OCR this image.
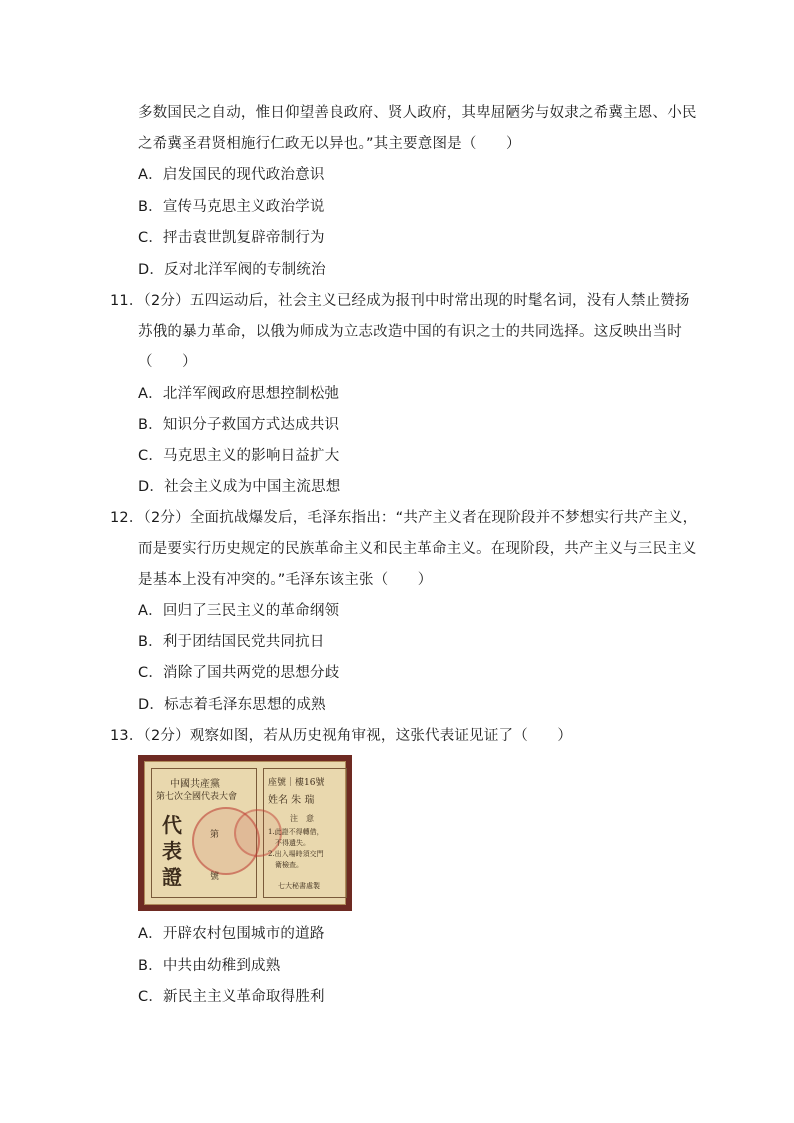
多数国民之自动，惟日仰望善良政府、贤人政府，其卑屈陋劣与奴隶之希冀主恩、小民
之希冀圣君贤相施行仁政无以异也。”其主要意图是（　　）
A．启发国民的现代政治意识
B．宣传马克思主义政治学说
C．抨击袁世凯复辟帝制行为
D．反对北洋军阀的专制统治
11．（2分）五四运动后，社会主义已经成为报刊中时常出现的时髦名词，没有人禁止赞扬
苏俄的暴力革命，以俄为师成为立志改造中国的有识之士的共同选择。这反映出当时
（　　）
A．北洋军阀政府思想控制松弛
B．知识分子救国方式达成共识
C．马克思主义的影响日益扩大
D．社会主义成为中国主流思想
12．（2分）全面抗战爆发后，毛泽东指出：“共产主义者在现阶段并不梦想实行共产主义，
而是要实行历史规定的民族革命主义和民主革命主义。在现阶段，共产主义与三民主义
是基本上没有冲突的。”毛泽东该主张（　　）
A．回归了三民主义的革命纲领
B．利于团结国民党共同抗日
C．消除了国共两党的思想分歧
D．标志着毛泽东思想的成熟
13．（2分）观察如图，若从历史视角审视，这张代表证见证了（　　）
中國共產黨
第七次全國代表大會
代
表
證
第
號
座號｜樓16號
姓名 朱 瑞
注　意
1.此證不得轉借，
　不得遺失。
2.出入場時須交門
　衛檢查。
七大秘書處製
A．开辟农村包围城市的道路
B．中共由幼稚到成熟
C．新民主主义革命取得胜利
